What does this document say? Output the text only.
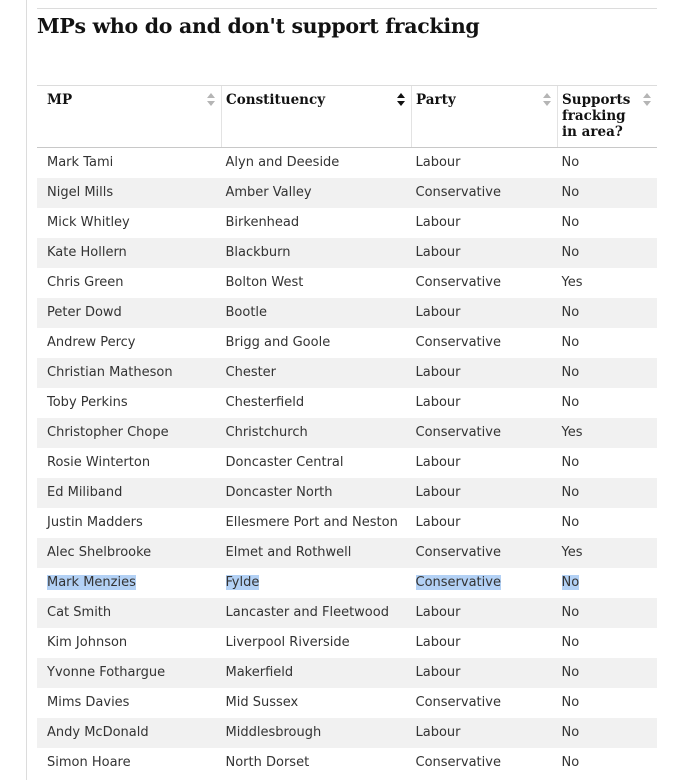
MPs who do and don't support fracking
MP	Constituency	Party	Supports fracking in area?

Mark Tami	Alyn and Deeside	Labour	No
Nigel Mills	Amber Valley	Conservative	No
Mick Whitley	Birkenhead	Labour	No
Kate Hollern	Blackburn	Labour	No
Chris Green	Bolton West	Conservative	Yes
Peter Dowd	Bootle	Labour	No
Andrew Percy	Brigg and Goole	Conservative	No
Christian Matheson	Chester	Labour	No
Toby Perkins	Chesterfield	Labour	No
Christopher Chope	Christchurch	Conservative	Yes
Rosie Winterton	Doncaster Central	Labour	No
Ed Miliband	Doncaster North	Labour	No
Justin Madders	Ellesmere Port and Neston	Labour	No
Alec Shelbrooke	Elmet and Rothwell	Conservative	Yes
Mark Menzies	Fylde	Conservative	No
Cat Smith	Lancaster and Fleetwood	Labour	No
Kim Johnson	Liverpool Riverside	Labour	No
Yvonne Fothargue	Makerfield	Labour	No
Mims Davies	Mid Sussex	Conservative	No
Andy McDonald	Middlesbrough	Labour	No
Simon Hoare	North Dorset	Conservative	No
